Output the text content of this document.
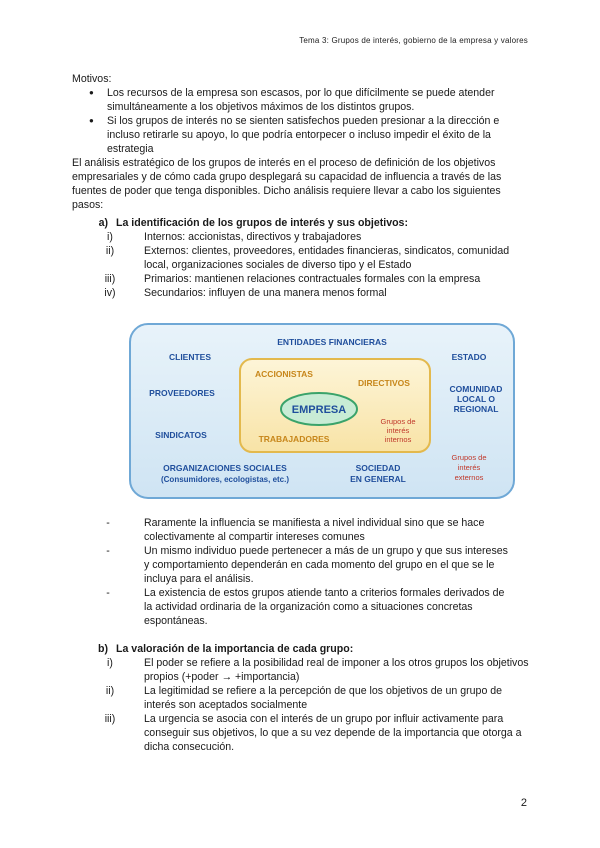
Tema 3: Grupos de interés, gobierno de la empresa y valores

Motivos:

● Los recursos de la empresa son escasos, por lo que difícilmente se puede atender simultáneamente a los objetivos máximos de los distintos grupos.
● Si los grupos de interés no se sienten satisfechos pueden presionar a la dirección e incluso retirarle su apoyo, lo que podría entorpecer o incluso impedir el éxito de la estrategia

El análisis estratégico de los grupos de interés en el proceso de definición de los objetivos empresariales y de cómo cada grupo desplegará su capacidad de influencia a través de las fuentes de poder que tenga disponibles. Dicho análisis requiere llevar a cabo los siguientes pasos:

a) La identificación de los grupos de interés y sus objetivos:
i)	Internos: accionistas, directivos y trabajadores
ii)	Externos: clientes, proveedores, entidades financieras, sindicatos, comunidad local, organizaciones sociales de diverso tipo y el Estado
iii)	Primarios: mantienen relaciones contractuales formales con la empresa
iv)	Secundarios: influyen de una manera menos formal
-	Raramente la influencia se manifiesta a nivel individual sino que se hace colectivamente al compartir intereses comunes
-	Un mismo individuo puede pertenecer a más de un grupo y que sus intereses y comportamiento dependerán en cada momento del grupo en el que se le incluya para el análisis.
-	La existencia de estos grupos atiende tanto a criterios formales derivados de la actividad ordinaria de la organización como a situaciones concretas espontáneas.
b) La valoración de la importancia de cada grupo:
i)	El poder se refiere a la posibilidad real de imponer a los otros grupos los objetivos propios (+poder → +importancia)
ii)	La legitimidad se refiere a la percepción de que los objetivos de un grupo de interés son aceptados socialmente
iii)	La urgencia se asocia con el interés de un grupo por influir activamente para conseguir sus objetivos, lo que a su vez depende de la importancia que otorga a dicha consecución.
ENTIDADES FINANCIERAS
CLIENTES	ESTADO
PROVEEDORES	COMUNIDAD
LOCAL O
REGIONAL
SINDICATOS
ACCIONISTAS
DIRECTIVOS
EMPRESA
TRABAJADORES
Grupos de
interés
internos
Grupos de
interés
externos
ORGANIZACIONES SOCIALES
(Consumidores, ecologistas, etc.)
SOCIEDAD
EN GENERAL
2
